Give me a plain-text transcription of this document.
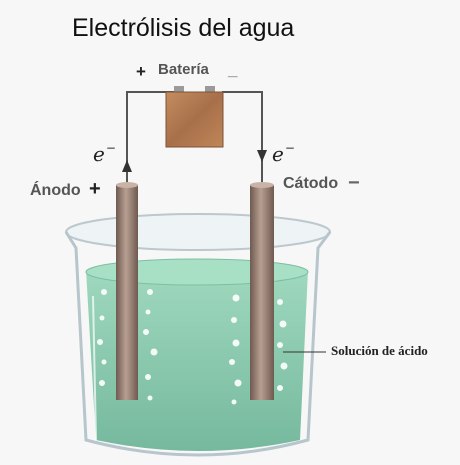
Electrólisis del agua
+ Batería _
e−	e−
Ánodo +	Cátodo −
Solución de ácido
